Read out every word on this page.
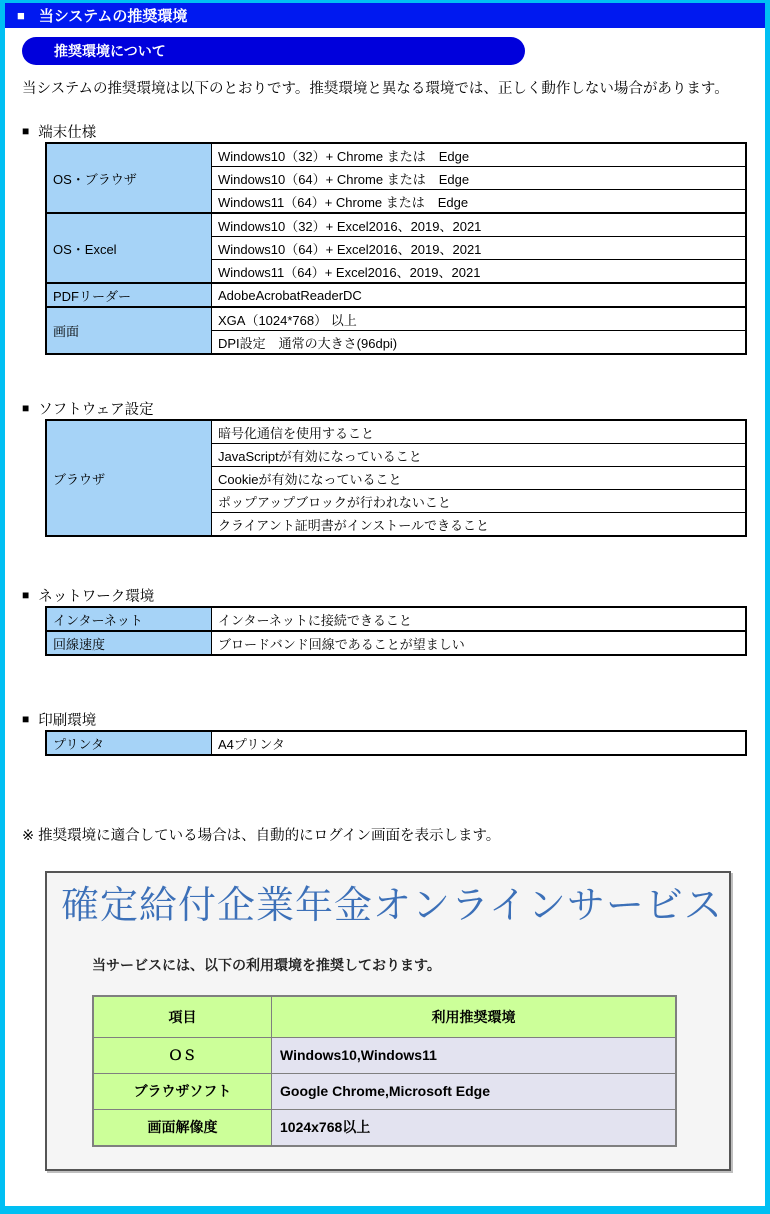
■ 当システムの推奨環境
推奨環境について

当システムの推奨環境は以下のとおりです。推奨環境と異なる環境では、正しく動作しない場合があります。

■ 端末仕様
OS・ブラウザ	Windows10（32）+ Chrome または　Edge
	Windows10（64）+ Chrome または　Edge
	Windows11（64）+ Chrome または　Edge
OS・Excel	Windows10（32）+ Excel2016、2019、2021
	Windows10（64）+ Excel2016、2019、2021
	Windows11（64）+ Excel2016、2019、2021
PDFリーダー	AdobeAcrobatReaderDC
画面	XGA（1024*768） 以上
	DPI設定　通常の大きさ(96dpi)
■ ソフトウェア設定
ブラウザ	暗号化通信を使用すること
JavaScriptが有効になっていること
Cookieが有効になっていること
ポップアップブロックが行われないこと
クライアント証明書がインストールできること
■ ネットワーク環境
インターネット	インターネットに接続できること
回線速度	ブロードバンド回線であることが望ましい
■ 印刷環境
プリンタ	A4プリンタ

※ 推奨環境に適合している場合は、自動的にログイン画面を表示します。

確定給付企業年金オンラインサービス
当サービスには、以下の利用環境を推奨しております。
項目	利用推奨環境
ＯＳ	Windows10,Windows11
ブラウザソフト	Google Chrome,Microsoft Edge
画面解像度	1024x768以上
